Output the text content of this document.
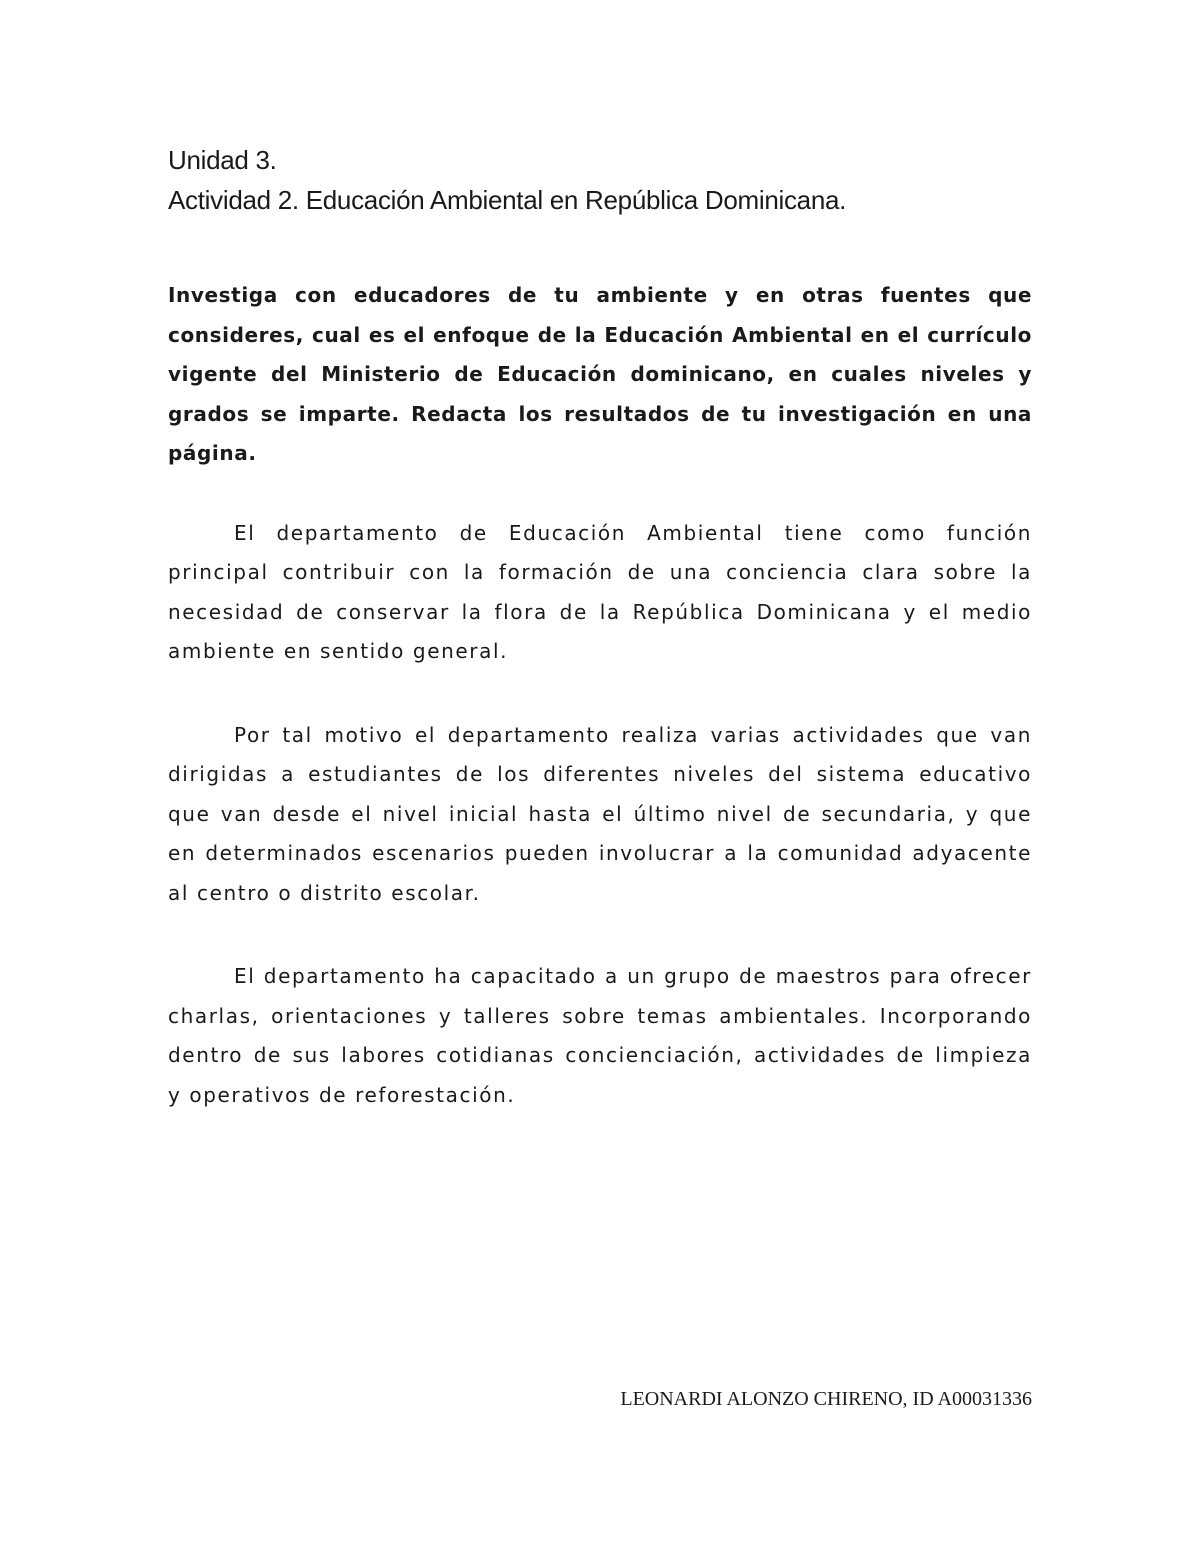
Unidad 3.
Actividad 2. Educación Ambiental en República Dominicana.

Investiga con educadores de tu ambiente y en otras fuentes que consideres, cual es el enfoque de la Educación Ambiental en el currículo vigente del Ministerio de Educación dominicano, en cuales niveles y grados se imparte. Redacta los resultados de tu investigación en una página.

El departamento de Educación Ambiental tiene como función principal contribuir con la formación de una conciencia clara sobre la necesidad de conservar la flora de la República Dominicana y el medio ambiente en sentido general.

Por tal motivo el departamento realiza varias actividades que van dirigidas a estudiantes de los diferentes niveles del sistema educativo que van desde el nivel inicial hasta el último nivel de secundaria, y que en determinados escenarios pueden involucrar a la comunidad adyacente al centro o distrito escolar.

El departamento ha capacitado a un grupo de maestros para ofrecer charlas, orientaciones y talleres sobre temas ambientales. Incorporando dentro de sus labores cotidianas concienciación, actividades de limpieza y operativos de reforestación.

LEONARDI ALONZO CHIRENO, ID A00031336
